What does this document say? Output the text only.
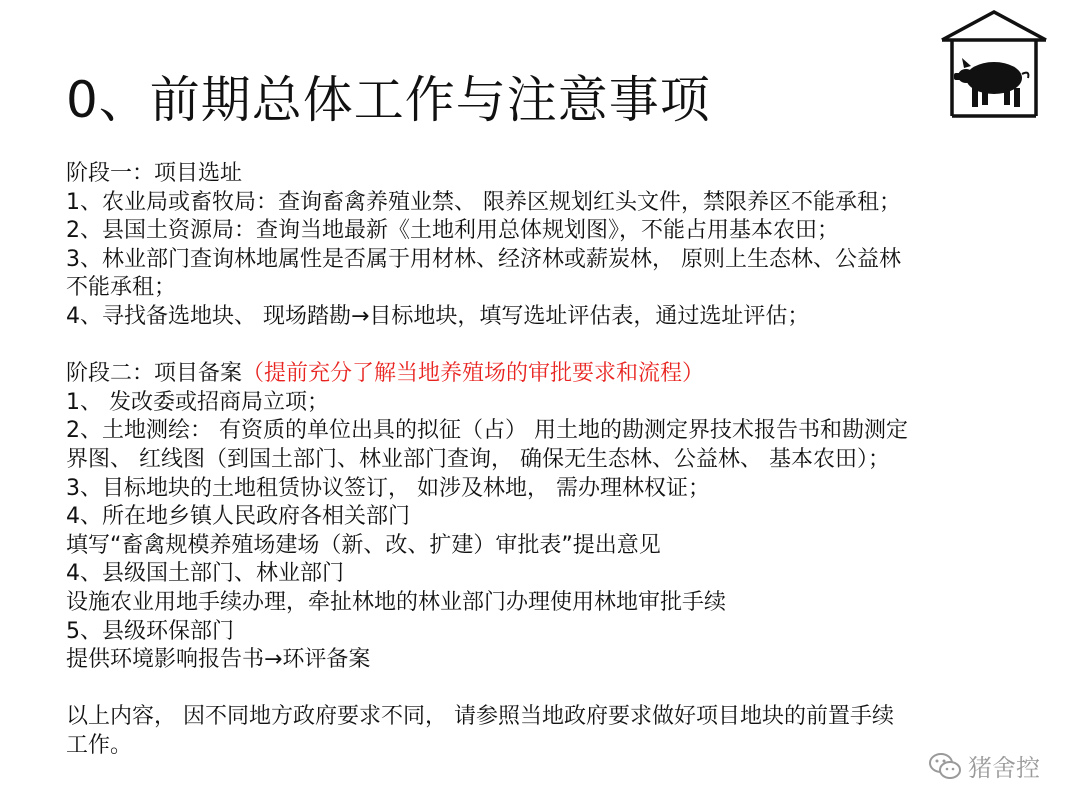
0、前期总体工作与注意事项
阶段一：项目选址
1、农业局或畜牧局：查询畜禽养殖业禁、 限养区规划红头文件，禁限养区不能承租；
2、县国土资源局：查询当地最新《土地利用总体规划图》，不能占用基本农田；
3、林业部门查询林地属性是否属于用材林、经济林或薪炭林， 原则上生态林、公益林
不能承租；
4、寻找备选地块、 现场踏勘→目标地块，填写选址评估表，通过选址评估；
阶段二：项目备案（提前充分了解当地养殖场的审批要求和流程）
1、 发改委或招商局立项；
2、土地测绘： 有资质的单位出具的拟征（占） 用土地的勘测定界技术报告书和勘测定
界图、 红线图（到国土部门、林业部门查询， 确保无生态林、公益林、 基本农田）；
3、目标地块的土地租赁协议签订， 如涉及林地， 需办理林权证；
4、所在地乡镇人民政府各相关部门
填写“畜禽规模养殖场建场（新、改、扩建）审批表”提出意见
4、县级国土部门、林业部门
设施农业用地手续办理，牵扯林地的林业部门办理使用林地审批手续
5、县级环保部门
提供环境影响报告书→环评备案
以上内容， 因不同地方政府要求不同， 请参照当地政府要求做好项目地块的前置手续
工作。
猪舍控
